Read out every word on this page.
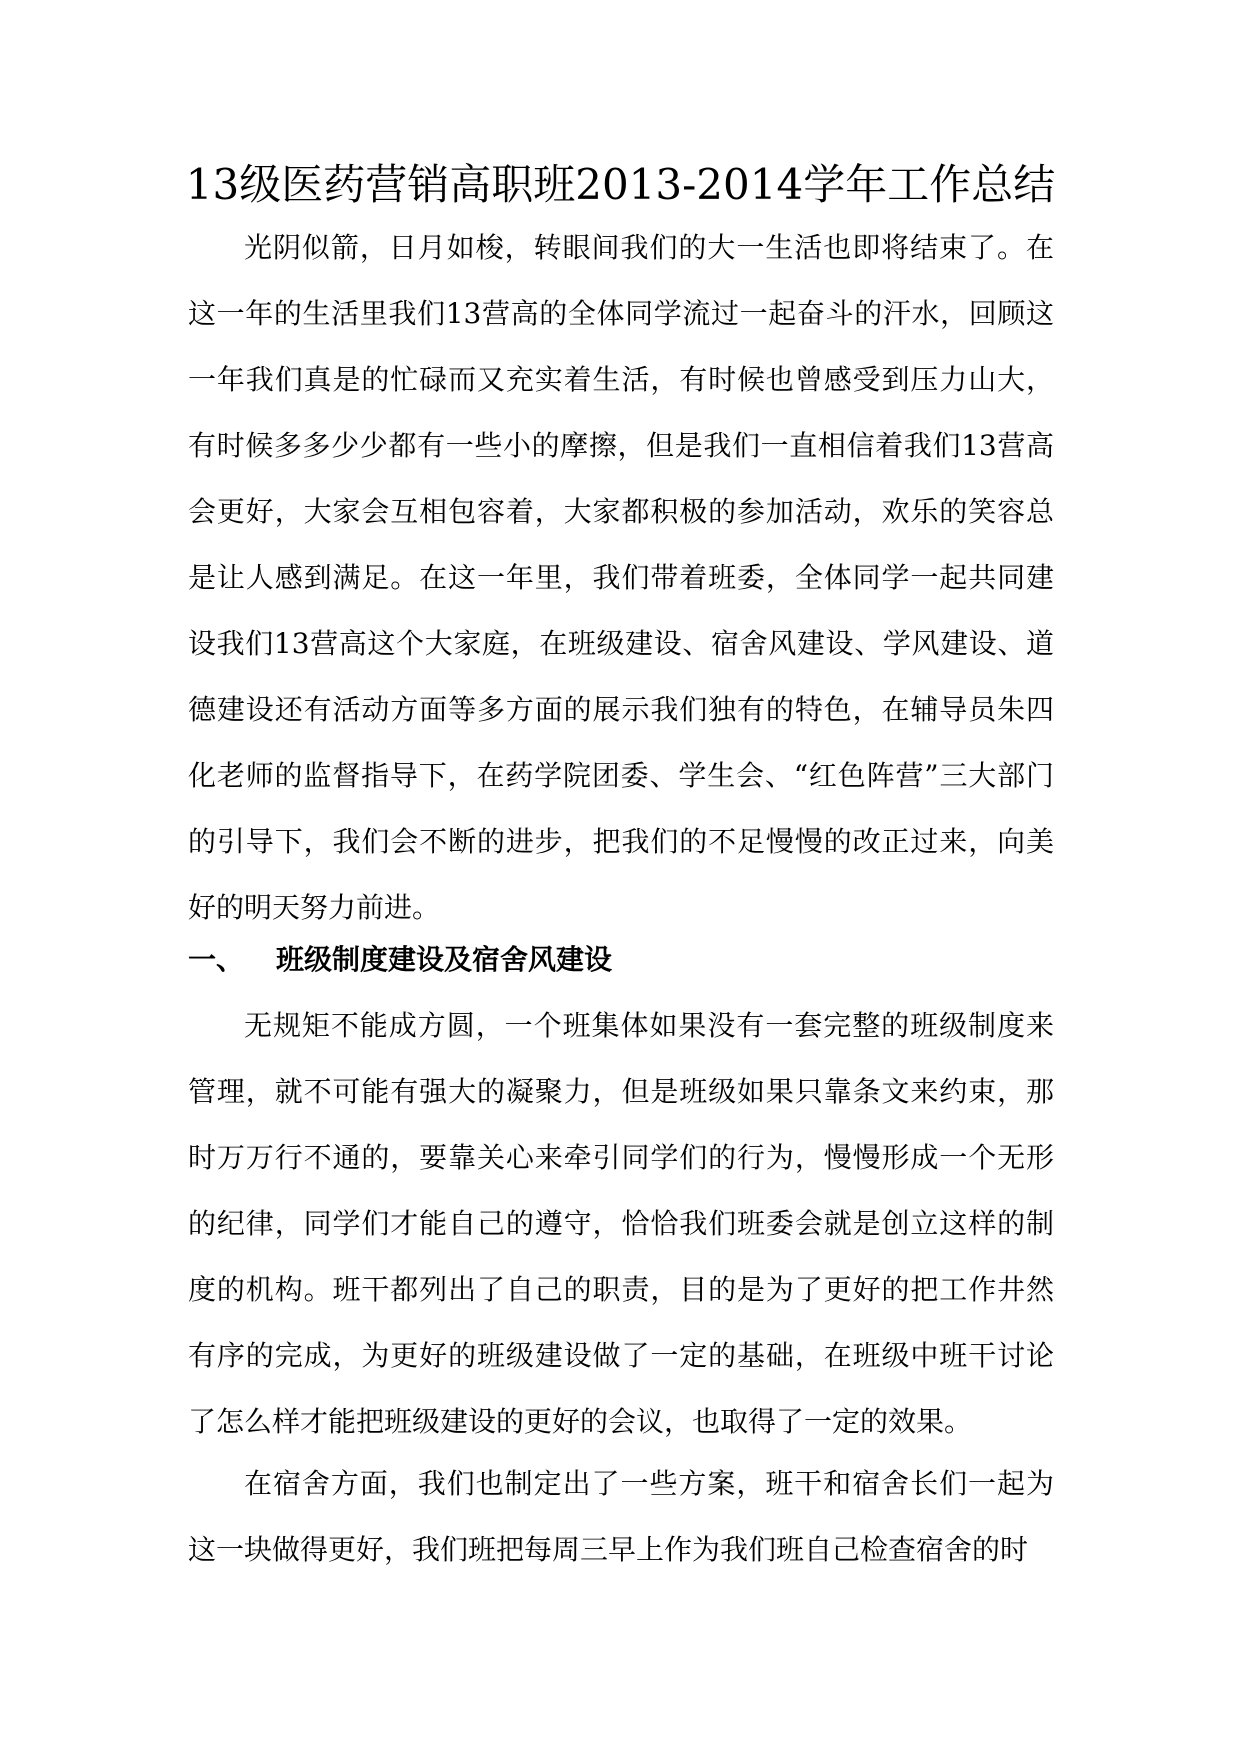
13级医药营销高职班2013-2014学年工作总结

光阴似箭，日月如梭，转眼间我们的大一生活也即将结束了。在这一年的生活里我们13营高的全体同学流过一起奋斗的汗水，回顾这一年我们真是的忙碌而又充实着生活，有时候也曾感受到压力山大，有时候多多少少都有一些小的摩擦，但是我们一直相信着我们13营高会更好，大家会互相包容着，大家都积极的参加活动，欢乐的笑容总是让人感到满足。在这一年里，我们带着班委，全体同学一起共同建设我们13营高这个大家庭，在班级建设、宿舍风建设、学风建设、道德建设还有活动方面等多方面的展示我们独有的特色，在辅导员朱四化老师的监督指导下，在药学院团委、学生会、“红色阵营”三大部门的引导下，我们会不断的进步，把我们的不足慢慢的改正过来，向美好的明天努力前进。

一、 班级制度建设及宿舍风建设

无规矩不能成方圆，一个班集体如果没有一套完整的班级制度来管理，就不可能有强大的凝聚力，但是班级如果只靠条文来约束，那时万万行不通的，要靠关心来牵引同学们的行为，慢慢形成一个无形的纪律，同学们才能自己的遵守，恰恰我们班委会就是创立这样的制度的机构。班干都列出了自己的职责，目的是为了更好的把工作井然有序的完成，为更好的班级建设做了一定的基础，在班级中班干讨论了怎么样才能把班级建设的更好的会议，也取得了一定的效果。

在宿舍方面，我们也制定出了一些方案，班干和宿舍长们一起为这一块做得更好，我们班把每周三早上作为我们班自己检查宿舍的时
